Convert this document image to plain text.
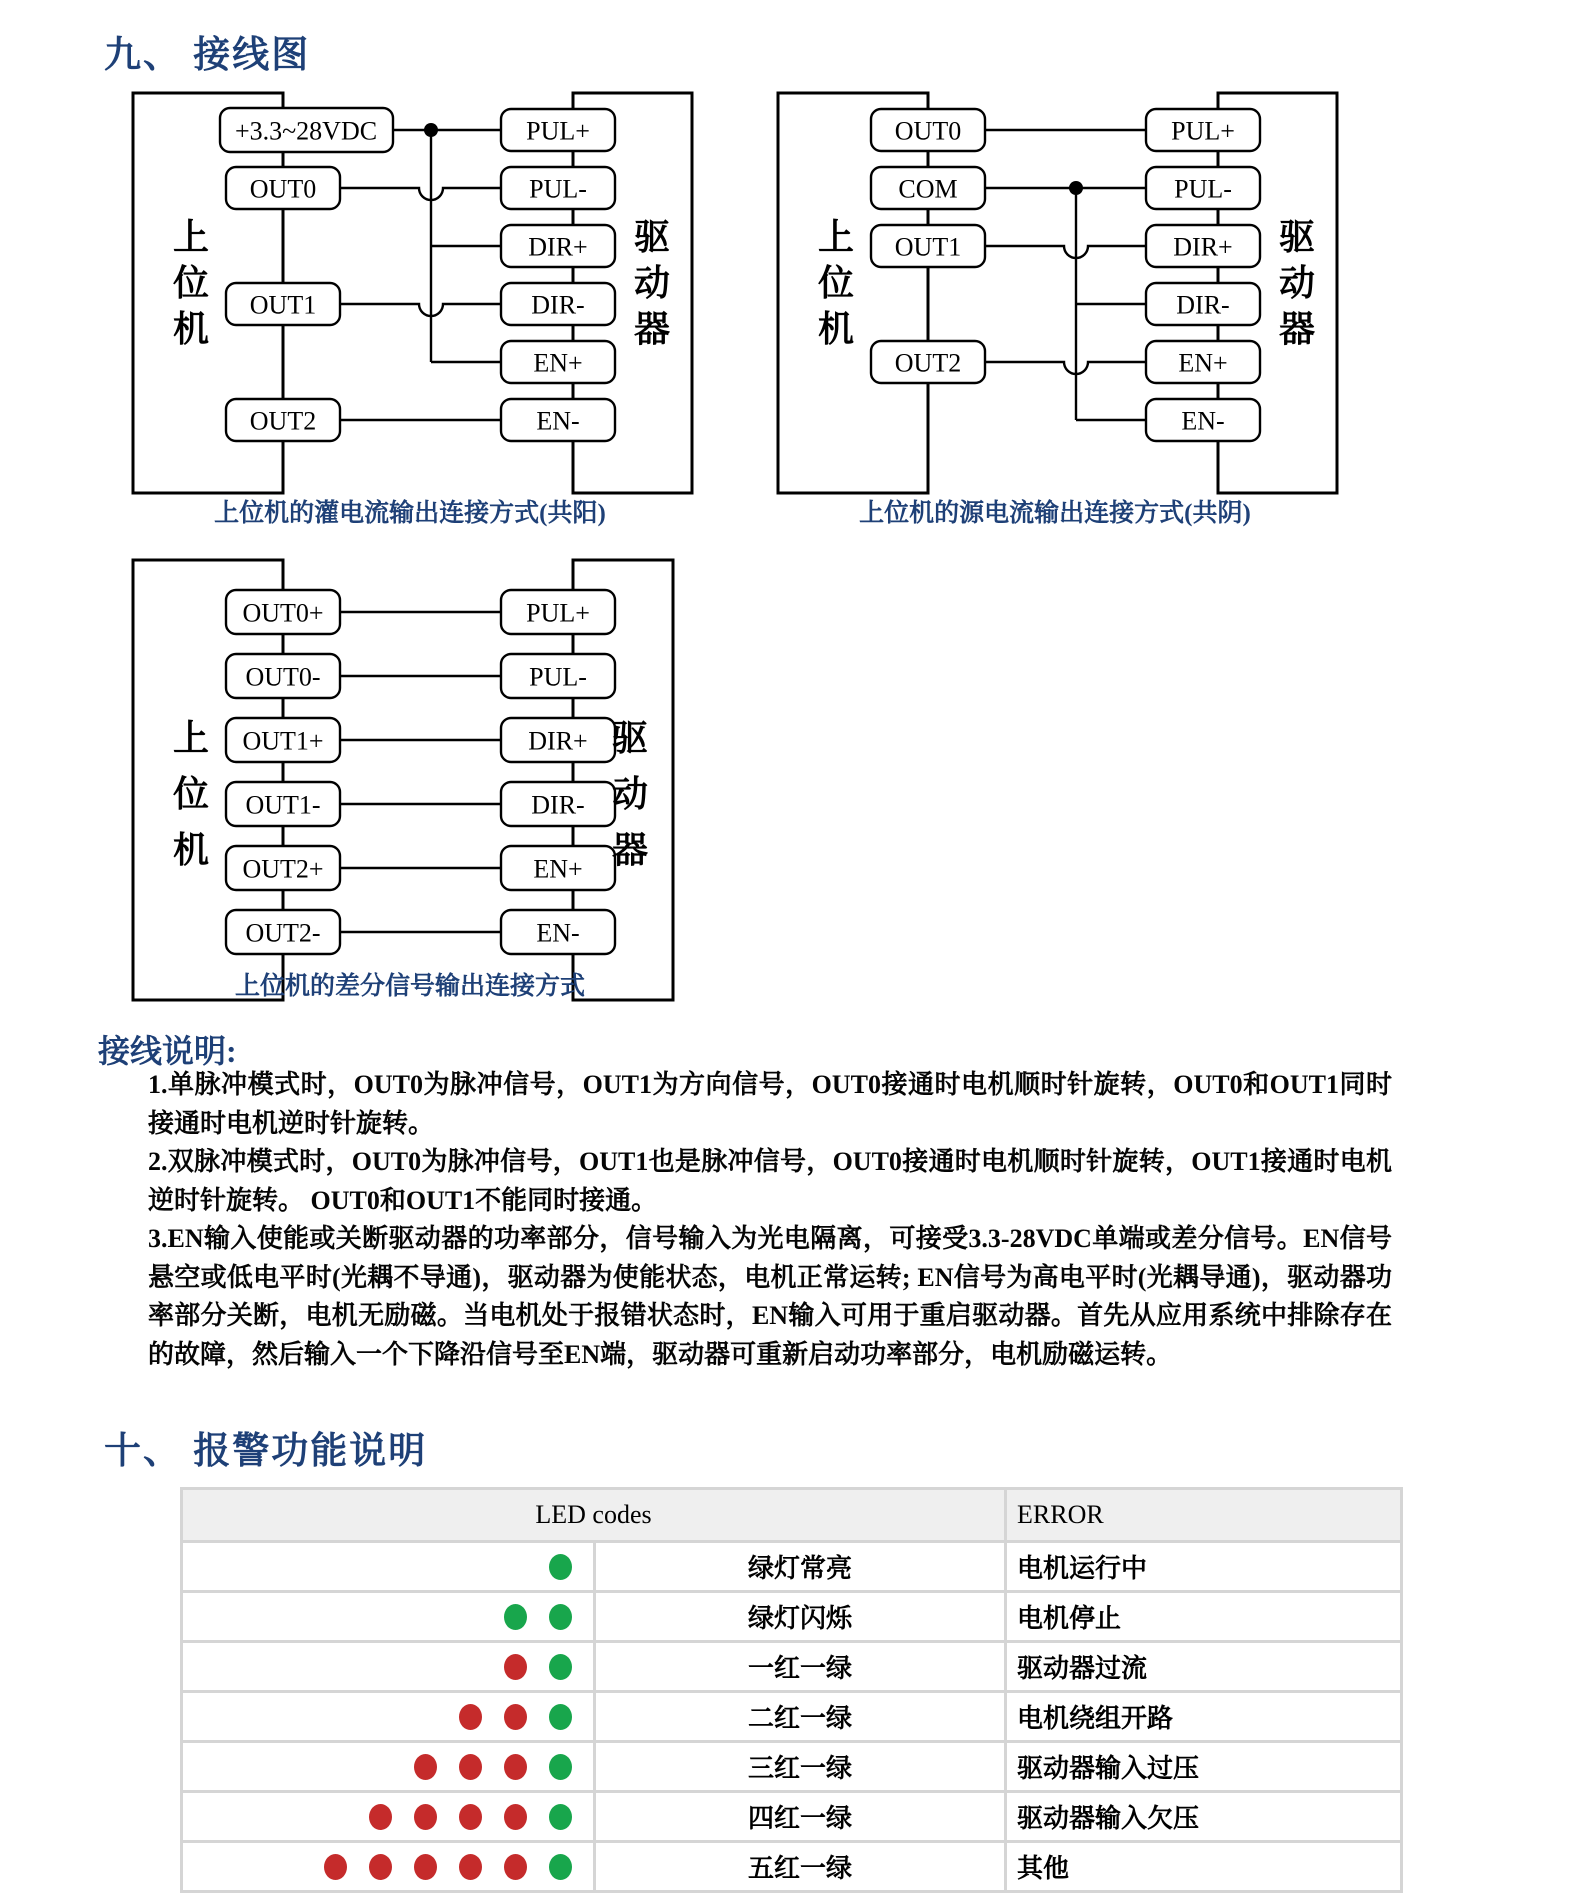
九、 接线图
+3.3~28VDC
OUT0
OUT1
OUT2
PUL+
PUL-
DIR+
DIR-
EN+
EN-
上
位
机
驱
动
器
上位机的灌电流输出连接方式(共阳)
OUT0
COM
OUT1
OUT2
PUL+
PUL-
DIR+
DIR-
EN+
EN-
上
位
机
驱
动
器
上位机的源电流输出连接方式(共阴)
OUT0+
OUT0-
OUT1+
OUT1-
OUT2+
OUT2-
PUL+
PUL-
DIR+
DIR-
EN+
EN-
上
位
机
驱
动
器
上位机的差分信号输出连接方式
接线说明:

1.单脉冲模式时，OUT0为脉冲信号，OUT1为方向信号，OUT0接通时电机顺时针旋转，OUT0和OUT1同时接通时电机逆时针旋转。

2.双脉冲模式时，OUT0为脉冲信号，OUT1也是脉冲信号，OUT0接通时电机顺时针旋转，OUT1接通时电机逆时针旋转。 OUT0和OUT1不能同时接通。

3.EN输入使能或关断驱动器的功率部分，信号输入为光电隔离，可接受3.3-28VDC单端或差分信号。EN信号悬空或低电平时(光耦不导通)，驱动器为使能状态，电机正常运转; EN信号为高电平时(光耦导通)，驱动器功率部分关断，电机无励磁。当电机处于报错状态时，EN输入可用于重启驱动器。首先从应用系统中排除存在的故障，然后输入一个下降沿信号至EN端，驱动器可重新启动功率部分，电机励磁运转。

十、 报警功能说明
LED codes		ERROR

	绿灯常亮	电机运行中

	绿灯闪烁	电机停止

	一红一绿	驱动器过流

	二红一绿	电机绕组开路

	三红一绿	驱动器输入过压

	四红一绿	驱动器输入欠压

	五红一绿	其他
